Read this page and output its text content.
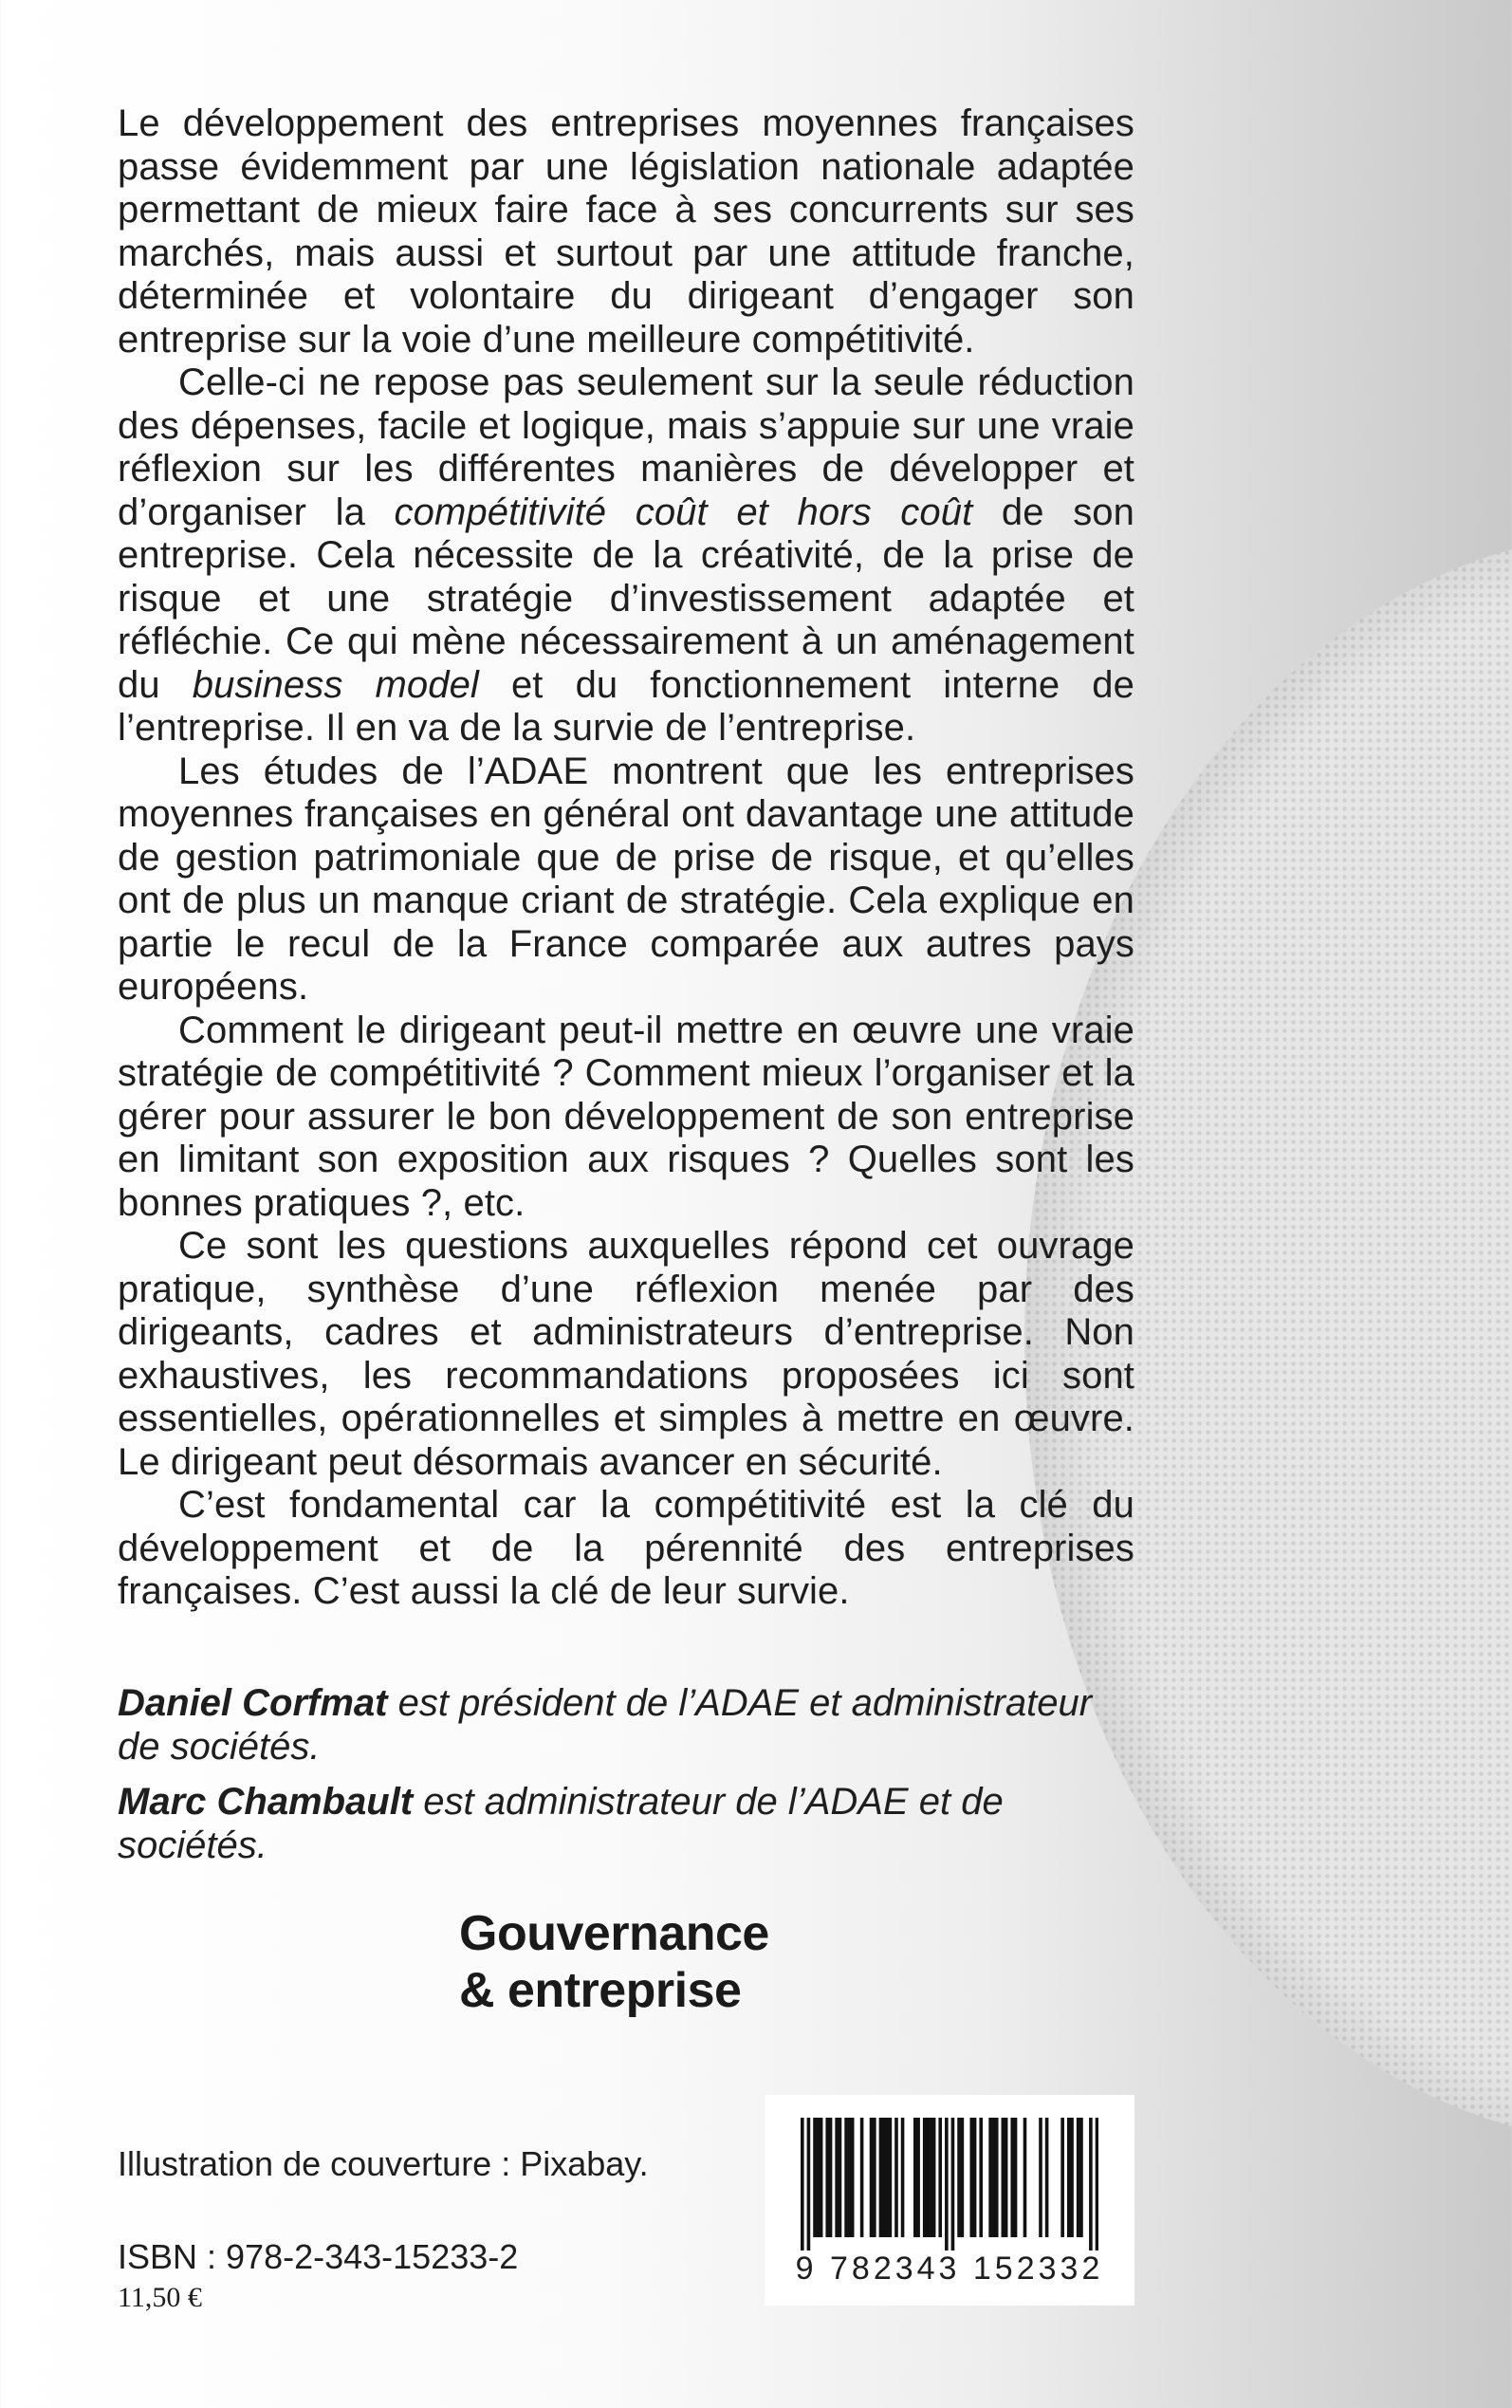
Le développement des entreprises moyennes françaises passe évidemment par une législation nationale adaptée permettant de mieux faire face à ses concurrents sur ses marchés, mais aussi et surtout par une attitude franche, déterminée et volontaire du dirigeant d’engager son entreprise sur la voie d’une meilleure compétitivité.

Celle-ci ne repose pas seulement sur la seule réduction des dépenses, facile et logique, mais s’appuie sur une vraie réflexion sur les différentes manières de développer et d’organiser la compétitivité coût et hors coût de son entreprise. Cela nécessite de la créativité, de la prise de risque et une stratégie d’investissement adaptée et réfléchie. Ce qui mène nécessairement à un aménagement du business model et du fonctionnement interne de l’entreprise. Il en va de la survie de l’entreprise.

Les études de l’ADAE montrent que les entreprises moyennes françaises en général ont davantage une attitude de gestion patrimoniale que de prise de risque, et qu’elles ont de plus un manque criant de stratégie. Cela explique en partie le recul de la France comparée aux autres pays européens.

Comment le dirigeant peut-il mettre en œuvre une vraie stratégie de compétitivité ? Comment mieux l’organiser et la gérer pour assurer le bon développement de son entreprise en limitant son exposition aux risques ? Quelles sont les bonnes pratiques ?, etc.

Ce sont les questions auxquelles répond cet ouvrage pratique, synthèse d’une réflexion menée par des dirigeants, cadres et administrateurs d’entreprise. Non exhaustives, les recommandations proposées ici sont essentielles, opérationnelles et simples à mettre en œuvre. Le dirigeant peut désormais avancer en sécurité.

C’est fondamental car la compétitivité est la clé du développement et de la pérennité des entreprises françaises. C’est aussi la clé de leur survie.

Daniel Corfmat est président de l’ADAE et administrateur de sociétés.

Marc Chambault est administrateur de l’ADAE et de sociétés.

Gouvernance
& entreprise
Illustration de couverture : Pixabay.
ISBN : 978-2-343-15233-2
11,50 €
9 782343 152332
